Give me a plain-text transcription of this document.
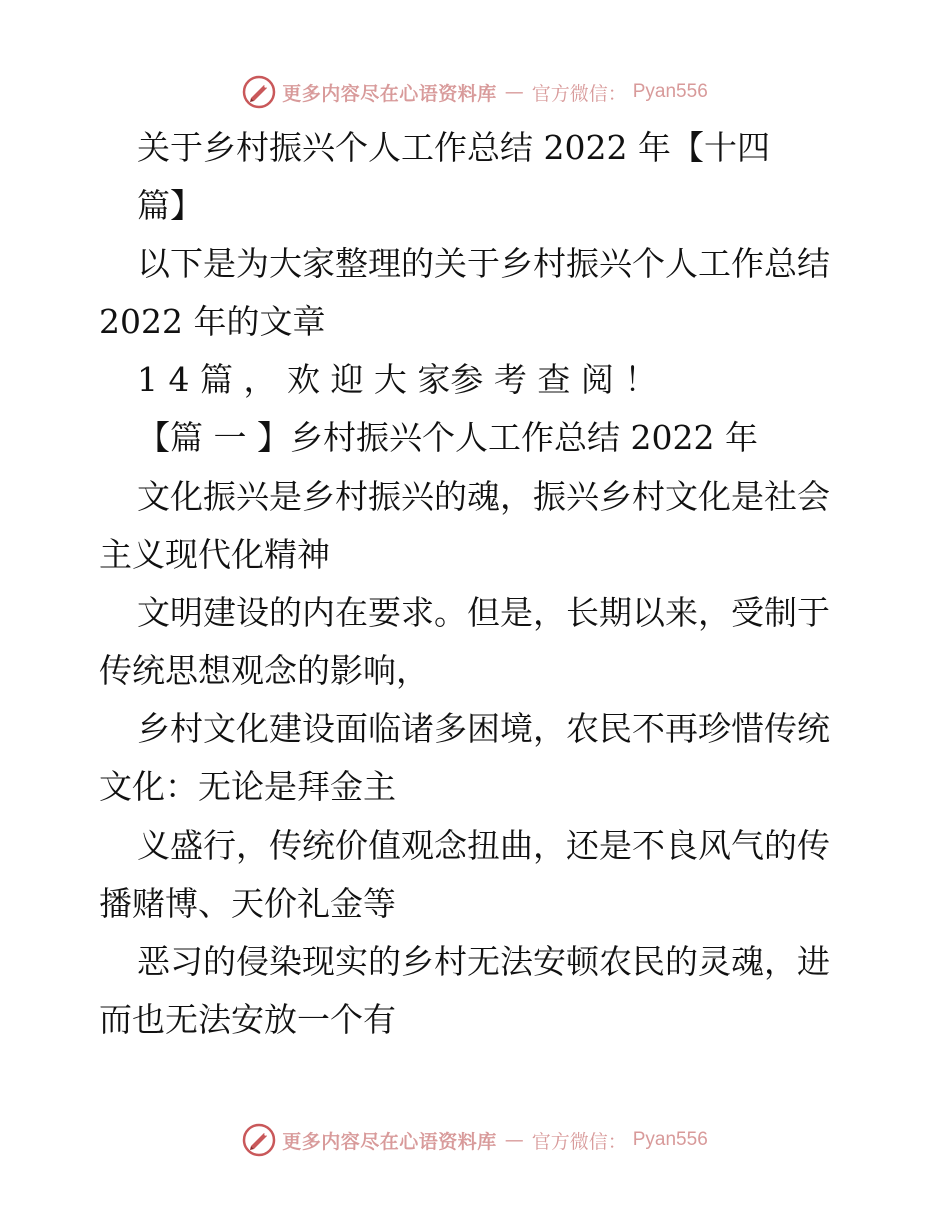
更多内容尽在心语资料库 — 官方微信： Pyan556
关于乡村振兴个人工作总结 2022 年【十四
篇】
以下是为大家整理的关于乡村振兴个人工作总结
2022 年的文章
1 4 篇 ， 欢 迎 大 家参 考 查 阅 ！
【篇 一 】乡村振兴个人工作总结 2022 年
文化振兴是乡村振兴的魂，振兴乡村文化是社会
主义现代化精神
文明建设的内在要求。但是，长期以来，受制于
传统思想观念的影响，
乡村文化建设面临诸多困境，农民不再珍惜传统
文化：无论是拜金主
义盛行，传统价值观念扭曲，还是不良风气的传
播赌博、天价礼金等
恶习的侵染现实的乡村无法安顿农民的灵魂，进
而也无法安放一个有
更多内容尽在心语资料库 — 官方微信： Pyan556
